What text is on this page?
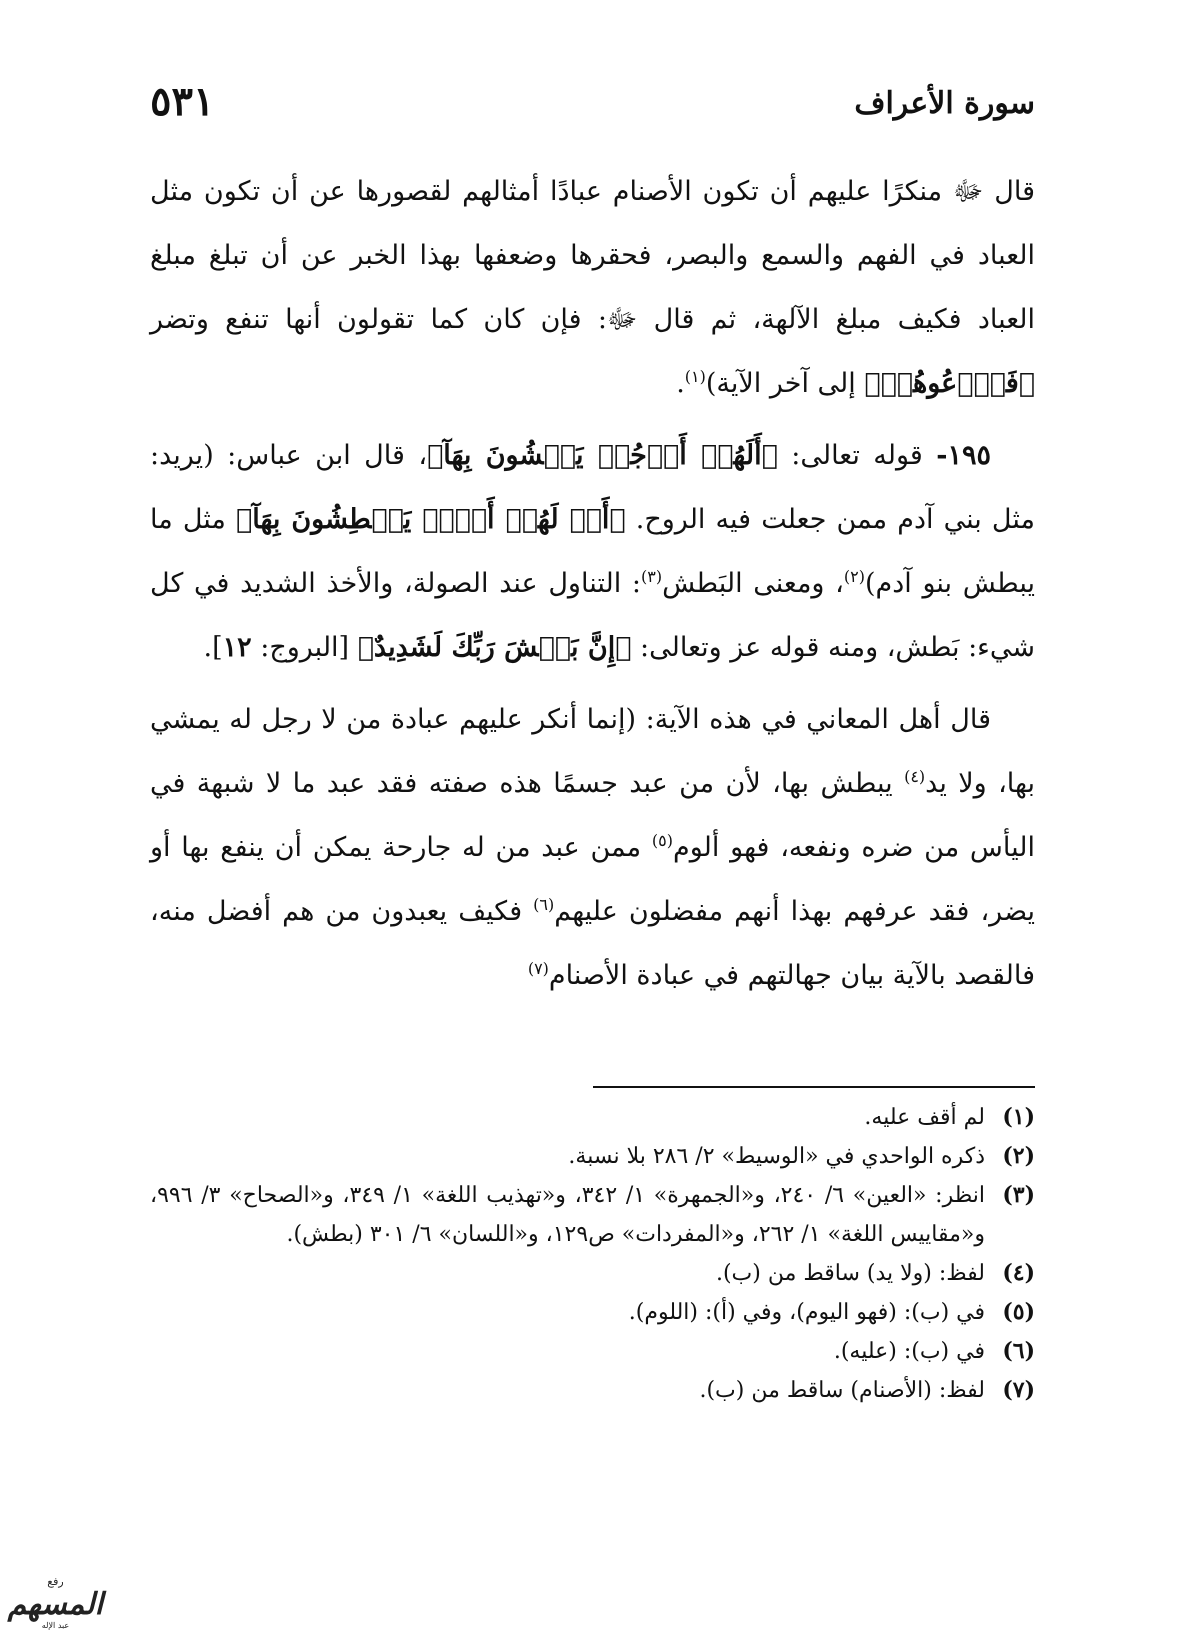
سورة الأعراف
٥٣١

قال ﷻ منكرًا عليهم أن تكون الأصنام عبادًا أمثالهم لقصورها عن أن تكون مثل العباد في الفهم والسمع والبصر، فحقرها وضعفها بهذا الخبر عن أن تبلغ مبلغ العباد فكيف مبلغ الآلهة، ثم قال ﷻ: فإن كان كما تقولون أنها تنفع وتضر ﴿فَٱدۡعُوهُمۡ﴾ إلى آخر الآية)$^{(١)}$.

١٩٥- قوله تعالى: ﴿أَلَهُمۡ أَرۡجُلٞ يَمۡشُونَ بِهَآ﴾، قال ابن عباس: (يريد: مثل بني آدم ممن جعلت فيه الروح. ﴿أَمۡ لَهُمۡ أَيۡدٖ يَبۡطِشُونَ بِهَآ﴾ مثل ما يبطش بنو آدم)$^{(٢)}$، ومعنى البَطش$^{(٣)}$: التناول عند الصولة، والأخذ الشديد في كل شيء: بَطش، ومنه قوله عز وتعالى: ﴿إِنَّ بَطۡشَ رَبِّكَ لَشَدِيدٌ﴾ [البروج: ١٢].

قال أهل المعاني في هذه الآية: (إنما أنكر عليهم عبادة من لا رجل له يمشي بها، ولا يد$^{(٤)}$ يبطش بها، لأن من عبد جسمًا هذه صفته فقد عبد ما لا شبهة في اليأس من ضره ونفعه، فهو ألوم$^{(٥)}$ ممن عبد من له جارحة يمكن أن ينفع بها أو يضر، فقد عرفهم بهذا أنهم مفضلون عليهم$^{(٦)}$ فكيف يعبدون من هم أفضل منه، فالقصد بالآية بيان جهالتهم في عبادة الأصنام$^{(٧)}$

(١)
لم أقف عليه.
(٢)
ذكره الواحدي في «الوسيط» ٢/ ٢٨٦ بلا نسبة.
(٣)
انظر: «العين» ٦/ ٢٤٠، و«الجمهرة» ١/ ٣٤٢، و«تهذيب اللغة» ١/ ٣٤٩، و«الصحاح» ٣/ ٩٩٦، و«مقاييس اللغة» ١/ ٢٦٢، و«المفردات» ص١٢٩، و«اللسان» ٦/ ٣٠١ (بطش).
(٤)
لفظ: (ولا يد) ساقط من (ب).
(٥)
في (ب): (فهو اليوم)، وفي (أ): (اللوم).
(٦)
في (ب): (عليه).
(٧)
لفظ: (الأصنام) ساقط من (ب).
رفع
المسهم
عبد الإله
